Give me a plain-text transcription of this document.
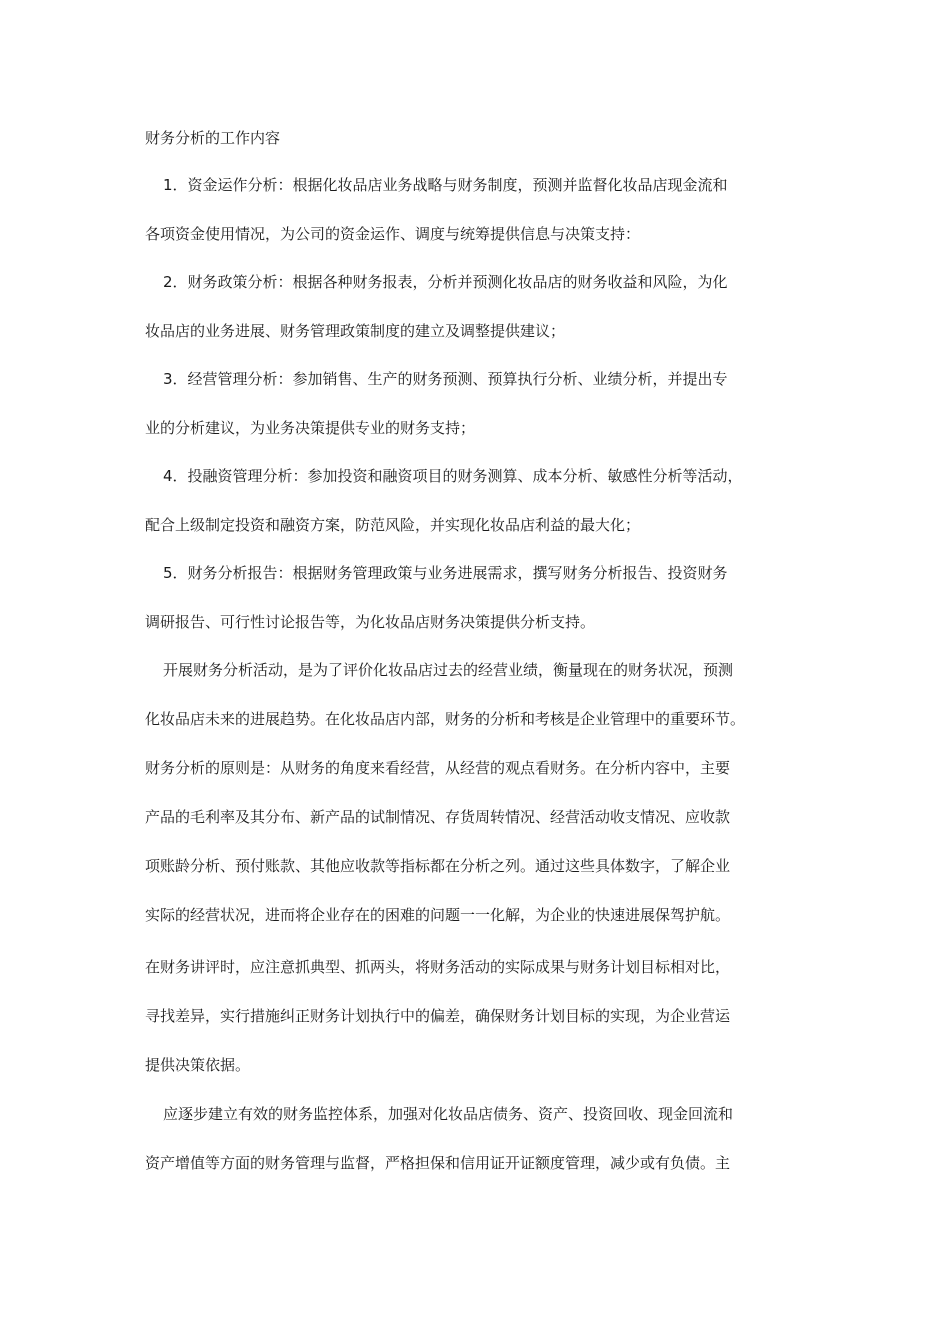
财务分析的工作内容
1．资金运作分析：根据化妆品店业务战略与财务制度，预测并监督化妆品店现金流和
各项资金使用情况，为公司的资金运作、调度与统筹提供信息与决策支持：
2．财务政策分析：根据各种财务报表，分析并预测化妆品店的财务收益和风险，为化
妆品店的业务进展、财务管理政策制度的建立及调整提供建议；
3．经营管理分析：参加销售、生产的财务预测、预算执行分析、业绩分析，并提出专
业的分析建议，为业务决策提供专业的财务支持；
4．投融资管理分析：参加投资和融资项目的财务测算、成本分析、敏感性分析等活动，
配合上级制定投资和融资方案，防范风险，并实现化妆品店利益的最大化；
5．财务分析报告：根据财务管理政策与业务进展需求，撰写财务分析报告、投资财务
调研报告、可行性讨论报告等，为化妆品店财务决策提供分析支持。
开展财务分析活动，是为了评价化妆品店过去的经营业绩，衡量现在的财务状况，预测
化妆品店未来的进展趋势。在化妆品店内部，财务的分析和考核是企业管理中的重要环节。
财务分析的原则是：从财务的角度来看经营，从经营的观点看财务。在分析内容中，主要
产品的毛利率及其分布、新产品的试制情况、存货周转情况、经营活动收支情况、应收款
项账龄分析、预付账款、其他应收款等指标都在分析之列。通过这些具体数字，了解企业
实际的经营状况，进而将企业存在的困难的问题一一化解，为企业的快速进展保驾护航。
在财务讲评时，应注意抓典型、抓两头，将财务活动的实际成果与财务计划目标相对比，
寻找差异，实行措施纠正财务计划执行中的偏差，确保财务计划目标的实现，为企业营运
提供决策依据。
应逐步建立有效的财务监控体系，加强对化妆品店债务、资产、投资回收、现金回流和
资产增值等方面的财务管理与监督，严格担保和信用证开证额度管理，减少或有负债。主
